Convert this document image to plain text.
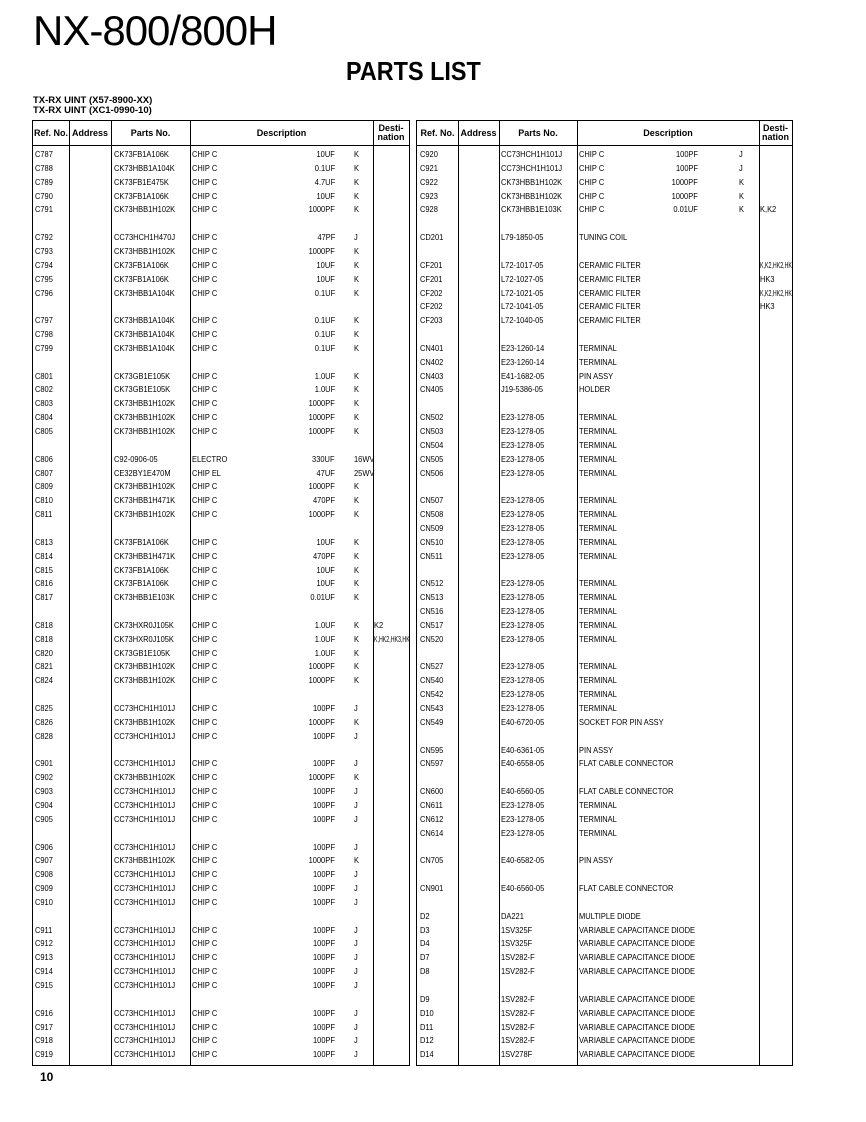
NX-800/800H
PARTS LIST
TX-RX UINT (X57-8900-XX)
TX-RX UINT (XC1-0990-10)
Ref. No. Address	Parts No.	Description	Desti-
nation
C787	CK73FB1A106K	CHIP C	10UF K
C788	CK73HBB1A104K CHIP C	0.1UF K
C789	CK73FB1E475K	CHIP C	4.7UF K
C790	CK73FB1A106K	CHIP C	10UF K
C791	CK73HBB1H102K CHIP C	1000PF K
C792	CC73HCH1H470J CHIP C	47PF J
C793	CK73HBB1H102K CHIP C	1000PF K
C794	CK73FB1A106K	CHIP C	10UF K
C795	CK73FB1A106K	CHIP C	10UF K
C796	CK73HBB1A104K CHIP C	0.1UF K
C797	CK73HBB1A104K CHIP C	0.1UF K
C798	CK73HBB1A104K CHIP C	0.1UF K
C799	CK73HBB1A104K CHIP C	0.1UF K
C801	CK73GB1E105K	CHIP C	1.0UF K
C802	CK73GB1E105K	CHIP C	1.0UF K
C803	CK73HBB1H102K CHIP C	1000PF K
C804	CK73HBB1H102K CHIP C	1000PF K
C805	CK73HBB1H102K CHIP C	1000PF K
C806	C92-0906-05	ELECTRO	330UF 16WV
C807	CE32BY1E470M	CHIP EL	47UF 25WV
C809	CK73HBB1H102K CHIP C	1000PF K
C810	CK73HBB1H471K CHIP C	470PF K
C811	CK73HBB1H102K CHIP C	1000PF K
C813	CK73FB1A106K	CHIP C	10UF K
C814	CK73HBB1H471K CHIP C	470PF K
C815	CK73FB1A106K	CHIP C	10UF K
C816	CK73FB1A106K	CHIP C	10UF K
C817	CK73HBB1E103K CHIP C	0.01UF K
C818	CK73HXR0J105K CHIP C	1.0UF K K2
C818	CK73HXR0J105K CHIP C	1.0UF K K,HK2,HK3,HK
C820	CK73GB1E105K	CHIP C	1.0UF K
C821	CK73HBB1H102K CHIP C	1000PF K
C824	CK73HBB1H102K CHIP C	1000PF K
C825	CC73HCH1H101J CHIP C	100PF J
C826	CK73HBB1H102K CHIP C	1000PF K
C828	CC73HCH1H101J CHIP C	100PF J
C901	CC73HCH1H101J CHIP C	100PF J
C902	CK73HBB1H102K CHIP C	1000PF K
C903	CC73HCH1H101J CHIP C	100PF J
C904	CC73HCH1H101J CHIP C	100PF J
C905	CC73HCH1H101J CHIP C	100PF J
C906	CC73HCH1H101J CHIP C	100PF J
C907	CK73HBB1H102K CHIP C	1000PF K
C908	CC73HCH1H101J CHIP C	100PF J
C909	CC73HCH1H101J CHIP C	100PF J
C910	CC73HCH1H101J CHIP C	100PF J
C911	CC73HCH1H101J CHIP C	100PF J
C912	CC73HCH1H101J CHIP C	100PF J
C913	CC73HCH1H101J CHIP C	100PF J
C914	CC73HCH1H101J CHIP C	100PF J
C915	CC73HCH1H101J CHIP C	100PF J
C916	CC73HCH1H101J CHIP C	100PF J
C917	CC73HCH1H101J CHIP C	100PF J
C918	CC73HCH1H101J CHIP C	100PF J
C919	CC73HCH1H101J CHIP C	100PF J
Ref. No. Address	Parts No.	Description	Desti-
nation
C920	CC73HCH1H101J CHIP C	100PF	J
C921	CC73HCH1H101J CHIP C	100PF	J
C922	CK73HBB1H102K CHIP C	1000PF	K
C923	CK73HBB1H102K CHIP C	1000PF	K
C928	CK73HBB1E103K CHIP C	0.01UF	K K,K2
CD201	L79-1850-05	TUNING COIL
CF201	L72-1017-05	CERAMIC FILTER	K,K2,HK2,HK
CF201	L72-1027-05	CERAMIC FILTER	HK3
CF202	L72-1021-05	CERAMIC FILTER	K,K2,HK2,HK
CF202	L72-1041-05	CERAMIC FILTER	HK3
CF203	L72-1040-05	CERAMIC FILTER
CN401	E23-1260-14	TERMINAL
CN402	E23-1260-14	TERMINAL
CN403	E41-1682-05	PIN ASSY
CN405	J19-5386-05	HOLDER
CN502	E23-1278-05	TERMINAL
CN503	E23-1278-05	TERMINAL
CN504	E23-1278-05	TERMINAL
CN505	E23-1278-05	TERMINAL
CN506	E23-1278-05	TERMINAL
CN507	E23-1278-05	TERMINAL
CN508	E23-1278-05	TERMINAL
CN509	E23-1278-05	TERMINAL
CN510	E23-1278-05	TERMINAL
CN511	E23-1278-05	TERMINAL
CN512	E23-1278-05	TERMINAL
CN513	E23-1278-05	TERMINAL
CN516	E23-1278-05	TERMINAL
CN517	E23-1278-05	TERMINAL
CN520	E23-1278-05	TERMINAL
CN527	E23-1278-05	TERMINAL
CN540	E23-1278-05	TERMINAL
CN542	E23-1278-05	TERMINAL
CN543	E23-1278-05	TERMINAL
CN549	E40-6720-05	SOCKET FOR PIN ASSY
CN595	E40-6361-05	PIN ASSY
CN597	E40-6558-05	FLAT CABLE CONNECTOR
CN600	E40-6560-05	FLAT CABLE CONNECTOR
CN611	E23-1278-05	TERMINAL
CN612	E23-1278-05	TERMINAL
CN614	E23-1278-05	TERMINAL
CN705	E40-6582-05	PIN ASSY
CN901	E40-6560-05	FLAT CABLE CONNECTOR
D2	DA221	MULTIPLE DIODE
D3	1SV325F	VARIABLE CAPACITANCE DIODE
D4	1SV325F	VARIABLE CAPACITANCE DIODE
D7	1SV282-F	VARIABLE CAPACITANCE DIODE
D8	1SV282-F	VARIABLE CAPACITANCE DIODE
D9	1SV282-F	VARIABLE CAPACITANCE DIODE
D10	1SV282-F	VARIABLE CAPACITANCE DIODE
D11	1SV282-F	VARIABLE CAPACITANCE DIODE
D12	1SV282-F	VARIABLE CAPACITANCE DIODE
D14	1SV278F	VARIABLE CAPACITANCE DIODE
10
